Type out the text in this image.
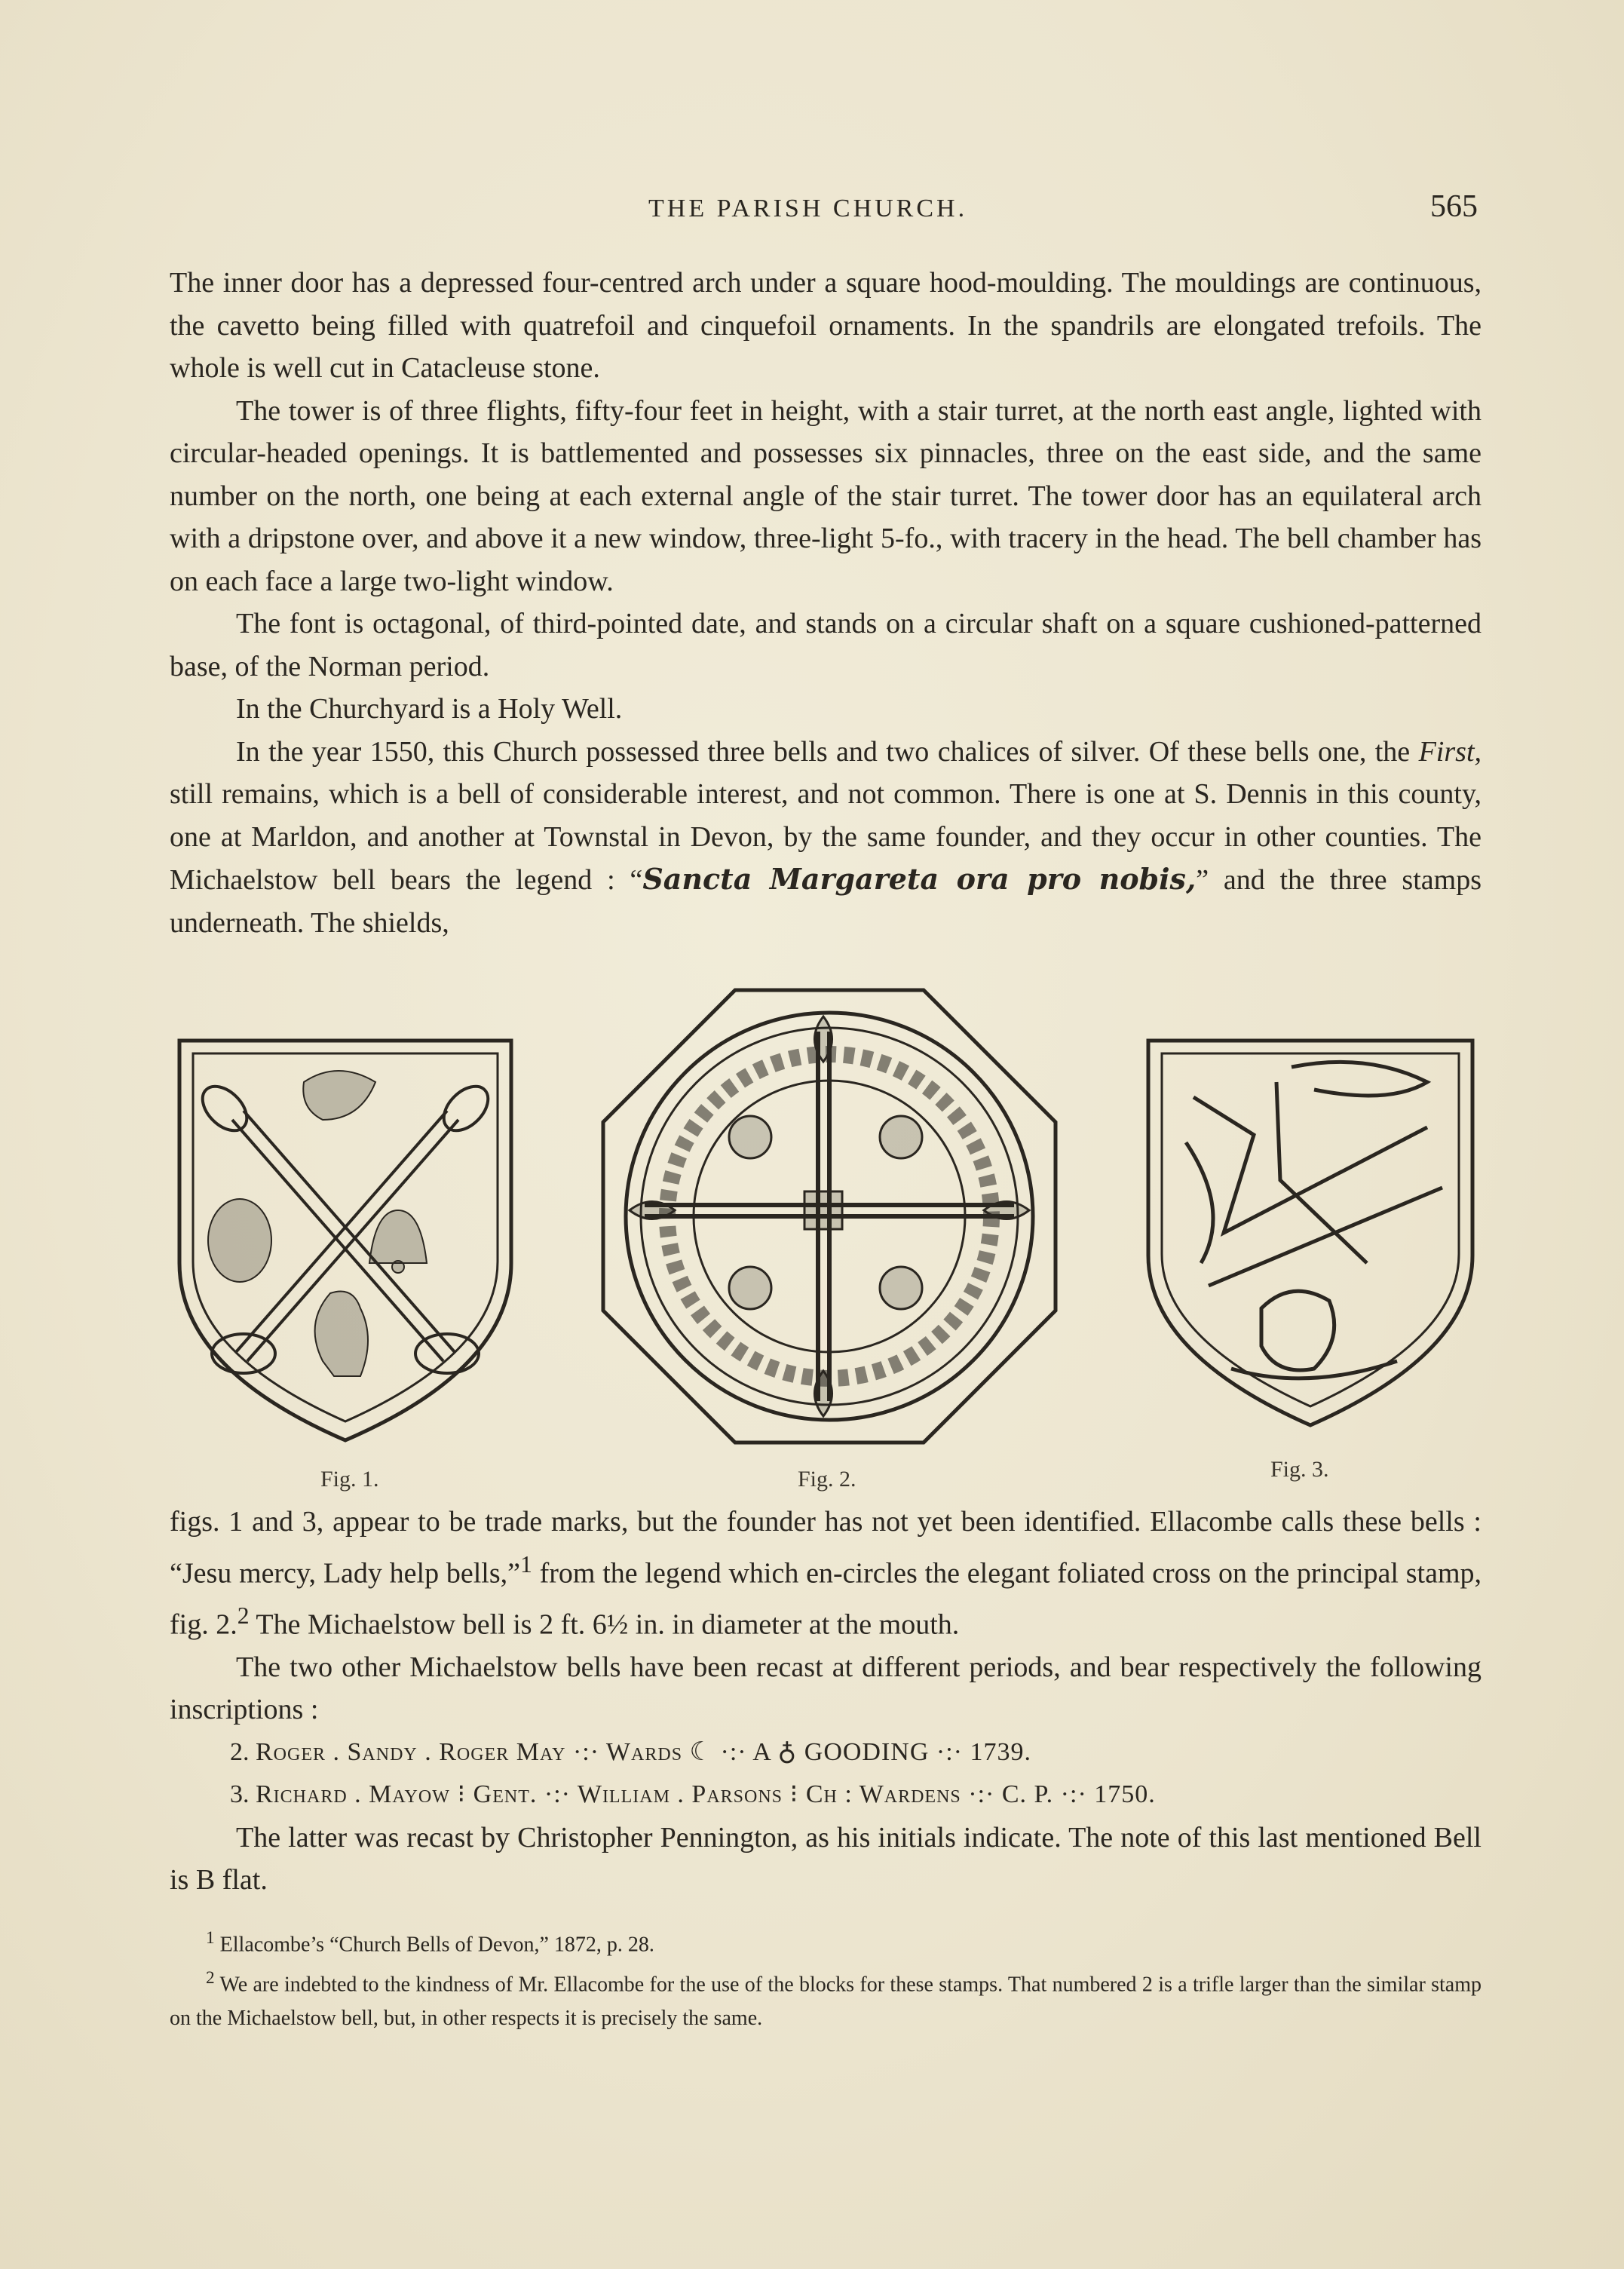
THE PARISH CHURCH.	565

The inner door has a depressed four-centred arch under a square hood-moulding. The mouldings are continuous, the cavetto being filled with quatrefoil and cinquefoil ornaments. In the spandrils are elongated trefoils. The whole is well cut in Catacleuse stone.

The tower is of three flights, fifty-four feet in height, with a stair turret, at the north east angle, lighted with circular-headed openings. It is battlemented and possesses six pinnacles, three on the east side, and the same number on the north, one being at each external angle of the stair turret. The tower door has an equilateral arch with a dripstone over, and above it a new window, three-light 5-fo., with tracery in the head. The bell chamber has on each face a large two-light window.

The font is octagonal, of third-pointed date, and stands on a circular shaft on a square cushioned-patterned base, of the Norman period.

In the Churchyard is a Holy Well.

In the year 1550, this Church possessed three bells and two chalices of silver. Of these bells one, the First, still remains, which is a bell of considerable interest, and not common. There is one at S. Dennis in this county, one at Marldon, and another at Townstal in Devon, by the same founder, and they occur in other counties. The Michaelstow bell bears the legend : “Sancta Margareta ora pro nobis,” and the three stamps underneath. The shields,

Fig. 1.	Fig. 2.	Fig. 3.

figs. 1 and 3, appear to be trade marks, but the founder has not yet been identified. Ellacombe calls these bells : “Jesu mercy, Lady help bells,”$^1$ from the legend which en-circles the elegant foliated cross on the principal stamp, fig. 2.$^2$ The Michaelstow bell is 2 ft. 6½ in. in diameter at the mouth.

The two other Michaelstow bells have been recast at different periods, and bear respectively the following inscriptions :

2. Roger . Sandy . Roger May ·:· Wards ☾ ·:· A ♁ GOODING ·:· 1739.

3. Richard . Mayow ⁝ Gent. ·:· William . Parsons ⁝ Ch : Wardens ·:· C. P. ·:· 1750.

The latter was recast by Christopher Pennington, as his initials indicate. The note of this last mentioned Bell is B flat.

$^1$ Ellacombe’s “Church Bells of Devon,” 1872, p. 28.

$^2$ We are indebted to the kindness of Mr. Ellacombe for the use of the blocks for these stamps. That numbered 2 is a trifle larger than the similar stamp on the Michaelstow bell, but, in other respects it is precisely the same.
